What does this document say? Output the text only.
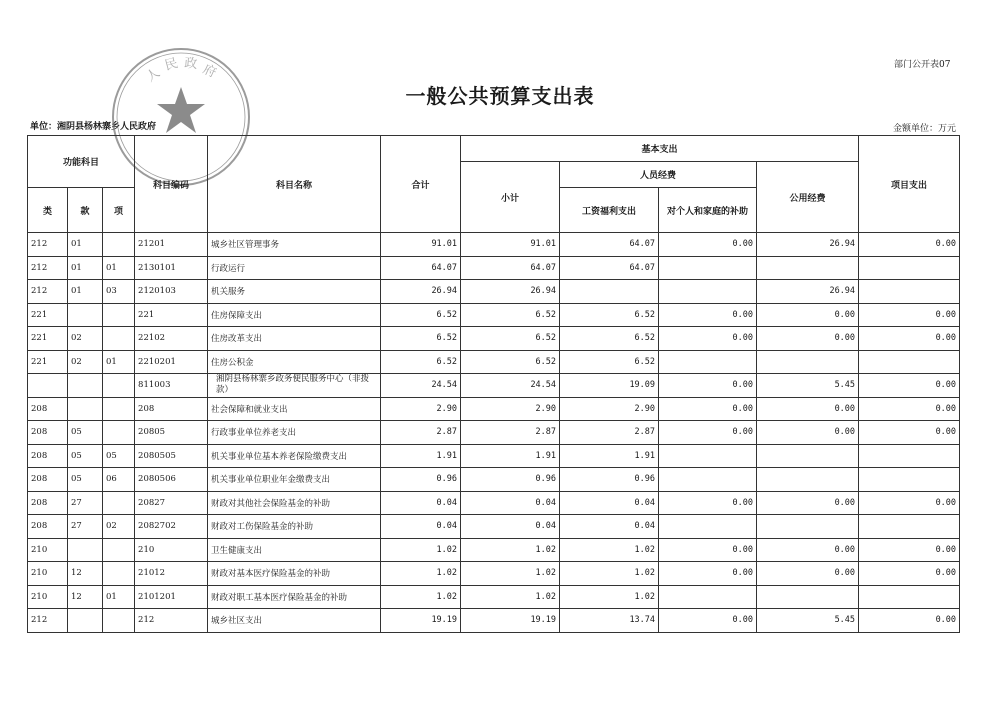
部门公开表07
一般公共预算支出表
单位：湘阴县杨林寨乡人民政府	金额单位：万元
人
民 政 府
功能科目			科目编码	科目名称	合计	基本支出				项目支出
						小计	人员经费		公用经费	
类	款	项					工资福利支出	对个人和家庭的补助		
212	01		21201	城乡社区管理事务	91.01	91.01	64.07	0.00	26.94	0.00
212	01	01	2130101	行政运行	64.07	64.07	64.07			
212	01	03	2120103	机关服务	26.94	26.94			26.94	
221			221	住房保障支出	6.52	6.52	6.52	0.00	0.00	0.00
221	02		22102	住房改革支出	6.52	6.52	6.52	0.00	0.00	0.00
221	02	01	2210201	住房公积金	6.52	6.52	6.52			
			811003	湘阴县杨林寨乡政务便民服务中心（非拨款）	24.54	24.54	19.09	0.00	5.45	0.00
208			208	社会保障和就业支出	2.90	2.90	2.90	0.00	0.00	0.00
208	05		20805	行政事业单位养老支出	2.87	2.87	2.87	0.00	0.00	0.00
208	05	05	2080505	机关事业单位基本养老保险缴费支出	1.91	1.91	1.91			
208	05	06	2080506	机关事业单位职业年金缴费支出	0.96	0.96	0.96			
208	27		20827	财政对其他社会保险基金的补助	0.04	0.04	0.04	0.00	0.00	0.00
208	27	02	2082702	财政对工伤保险基金的补助	0.04	0.04	0.04			
210			210	卫生健康支出	1.02	1.02	1.02	0.00	0.00	0.00
210	12		21012	财政对基本医疗保险基金的补助	1.02	1.02	1.02	0.00	0.00	0.00
210	12	01	2101201	财政对职工基本医疗保险基金的补助	1.02	1.02	1.02			
212			212	城乡社区支出	19.19	19.19	13.74	0.00	5.45	0.00
